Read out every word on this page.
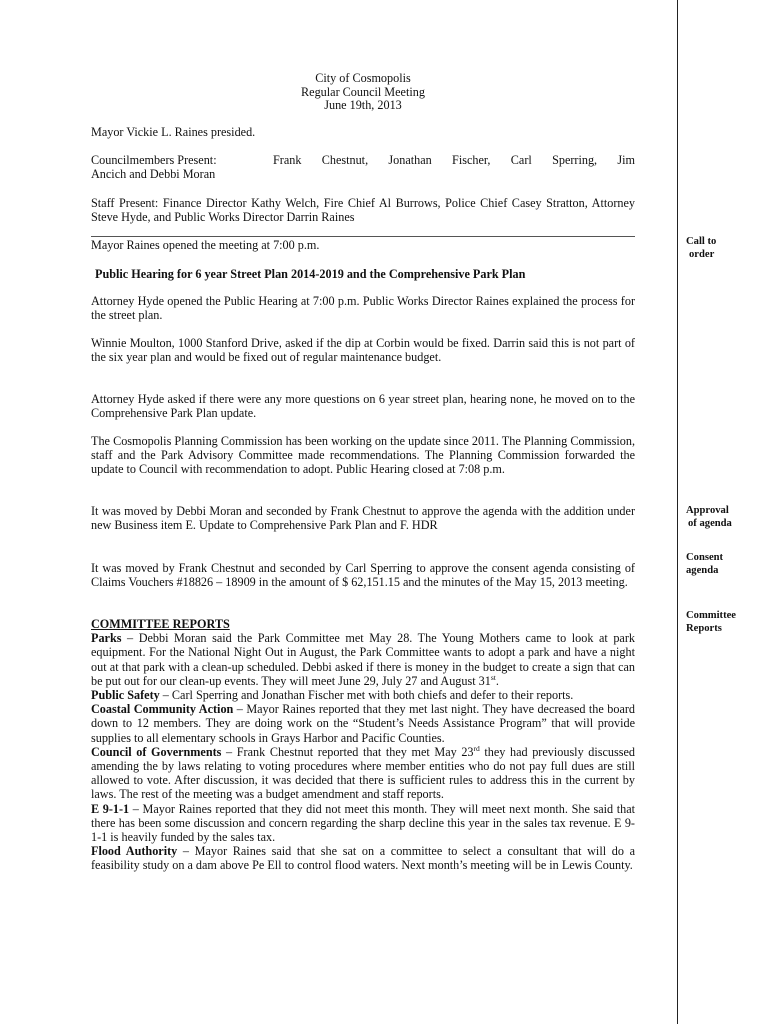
City of Cosmopolis
Regular Council Meeting
June 19th, 2013
Mayor Vickie L. Raines presided.
Councilmembers Present:	Frank Chestnut, Jonathan Fischer, Carl Sperring, Jim
Ancich and Debbi Moran
Staff Present: Finance Director Kathy Welch, Fire Chief Al Burrows, Police Chief Casey Stratton, Attorney Steve Hyde, and Public Works Director Darrin Raines
Mayor Raines opened the meeting at 7:00 p.m.	Call to
order
Public Hearing for 6 year Street Plan 2014-2019 and the Comprehensive Park Plan
Attorney Hyde opened the Public Hearing at 7:00 p.m. Public Works Director Raines explained the process for the street plan.
Winnie Moulton, 1000 Stanford Drive, asked if the dip at Corbin would be fixed. Darrin said this is not part of the six year plan and would be fixed out of regular maintenance budget.
Attorney Hyde asked if there were any more questions on 6 year street plan, hearing none, he moved on to the Comprehensive Park Plan update.
The Cosmopolis Planning Commission has been working on the update since 2011. The Planning Commission, staff and the Park Advisory Committee made recommendations. The Planning Commission forwarded the update to Council with recommendation to adopt. Public Hearing closed at 7:08 p.m.
It was moved by Debbi Moran and seconded by Frank Chestnut to approve the agenda with the addition under new Business item E. Update to Comprehensive Park Plan and F. HDR
Approval
of agenda
It was moved by Frank Chestnut and seconded by Carl Sperring to approve the consent agenda consisting of Claims Vouchers #18826 – 18909 in the amount of $ 62,151.15 and the minutes of the May 15, 2013 meeting.
Consent
agenda
Committee
Reports
COMMITTEE REPORTS
Parks – Debbi Moran said the Park Committee met May 28. The Young Mothers came to look at park equipment. For the National Night Out in August, the Park Committee wants to adopt a park and have a night out at that park with a clean-up scheduled. Debbi asked if there is money in the budget to create a sign that can be put out for our clean-up events. They will meet June 29, July 27 and August 31st.
Public Safety – Carl Sperring and Jonathan Fischer met with both chiefs and defer to their reports.
Coastal Community Action – Mayor Raines reported that they met last night. They have decreased the board down to 12 members. They are doing work on the “Student’s Needs Assistance Program” that will provide supplies to all elementary schools in Grays Harbor and Pacific Counties.
Council of Governments – Frank Chestnut reported that they met May 23rd they had previously discussed amending the by laws relating to voting procedures where member entities who do not pay full dues are still allowed to vote. After discussion, it was decided that there is sufficient rules to address this in the current by laws. The rest of the meeting was a budget amendment and staff reports.
E 9-1-1 – Mayor Raines reported that they did not meet this month. They will meet next month. She said that there has been some discussion and concern regarding the sharp decline this year in the sales tax revenue. E 9-1-1 is heavily funded by the sales tax.
Flood Authority – Mayor Raines said that she sat on a committee to select a consultant that will do a feasibility study on a dam above Pe Ell to control flood waters. Next month’s meeting will be in Lewis County.
